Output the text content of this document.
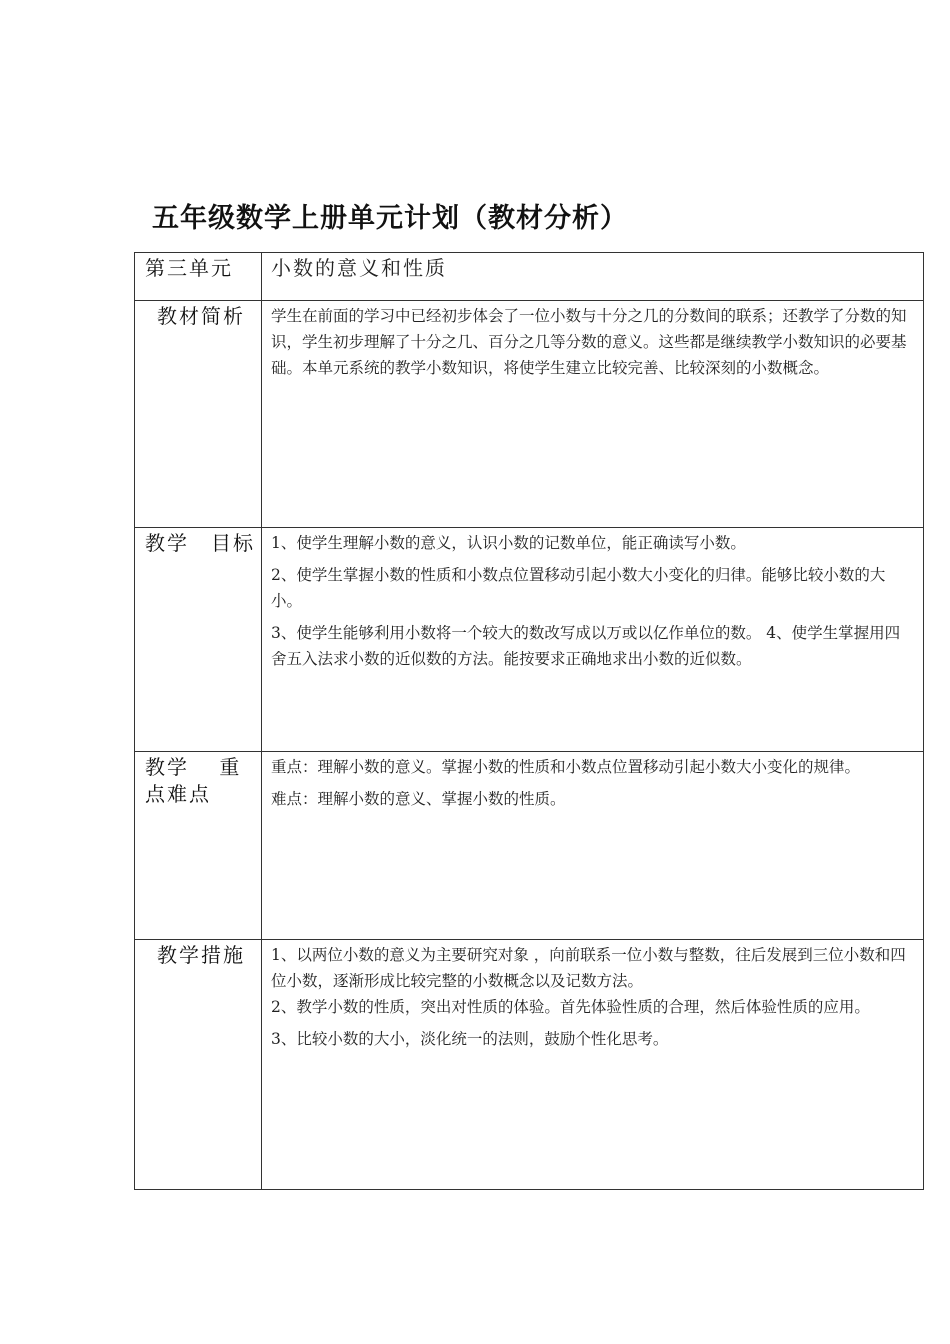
五年级数学上册单元计划（教材分析）
第三单元	小数的意义和性质

教材简析	学生在前面的学习中已经初步体会了一位小数与十分之几的分数间的联系；还教学了分数的知识，学生初步理解了十分之几、百分之几等分数的意义。这些都是继续教学小数知识的必要基础。本单元系统的教学小数知识，将使学生建立比较完善、比较深刻的小数概念。

教学　目标	1、使学生理解小数的意义，认识小数的记数单位，能正确读写小数。

2、使学生掌握小数的性质和小数点位置移动引起小数大小变化的归律。能够比较小数的大小。

3、使学生能够利用小数将一个较大的数改写成以万或以亿作单位的数。 4、使学生掌握用四舍五入法求小数的近似数的方法。能按要求正确地求出小数的近似数。

教学　 重点难点	重点：理解小数的意义。掌握小数的性质和小数点位置移动引起小数大小变化的规律。

难点：理解小数的意义、掌握小数的性质。

教学措施	1、以两位小数的意义为主要研究对象 ，向前联系一位小数与整数，往后发展到三位小数和四位小数，逐渐形成比较完整的小数概念以及记数方法。

2、教学小数的性质，突出对性质的体验。首先体验性质的合理，然后体验性质的应用。

3、比较小数的大小，淡化统一的法则，鼓励个性化思考。
